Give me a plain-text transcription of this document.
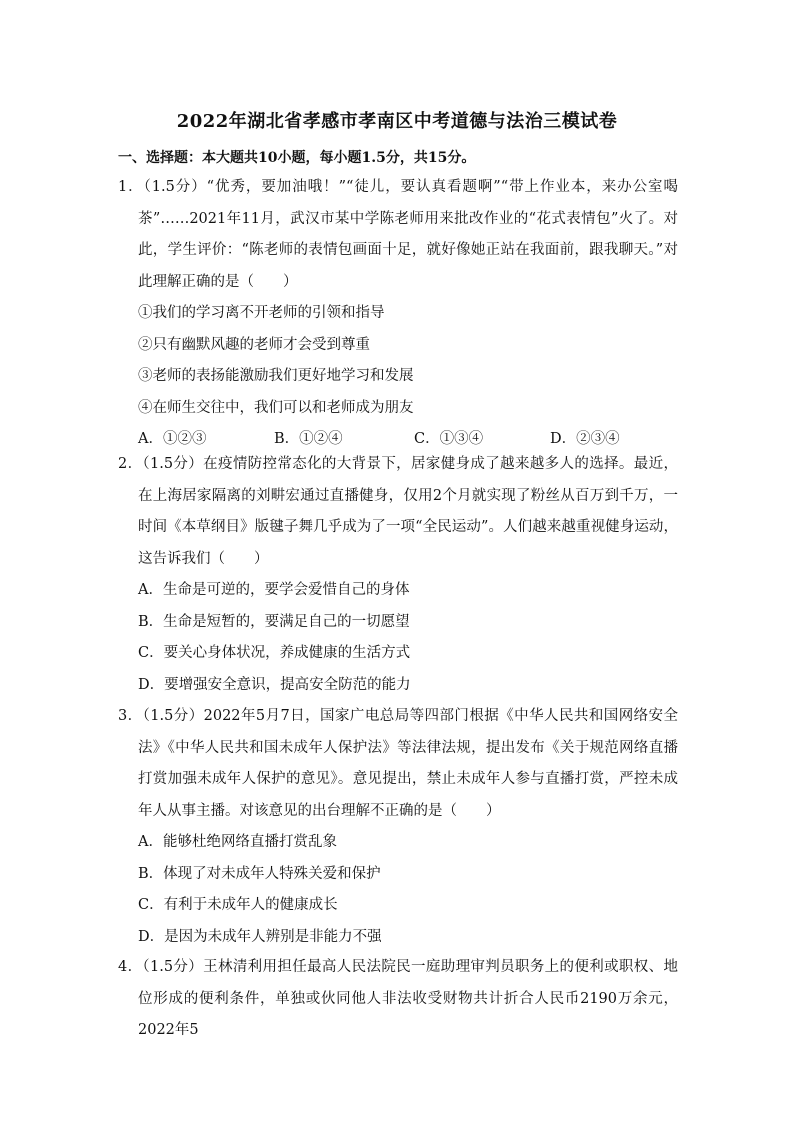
2022年湖北省孝感市孝南区中考道德与法治三模试卷
一、选择题：本大题共10小题，每小题1.5分，共15分。
1．（1.5分）“优秀，要加油哦！”“徒儿，要认真看题啊”“带上作业本，来办公室喝茶”……2021年11月，武汉市某中学陈老师用来批改作业的“花式表情包”火了。对此，学生评价：“陈老师的表情包画面十足，就好像她正站在我面前，跟我聊天。”对此理解正确的是（　　）
①我们的学习离不开老师的引领和指导
②只有幽默风趣的老师才会受到尊重
③老师的表扬能激励我们更好地学习和发展
④在师生交往中，我们可以和老师成为朋友
A．①②③	B．①②④	C．①③④	D．②③④
2．（1.5分）在疫情防控常态化的大背景下，居家健身成了越来越多人的选择。最近，在上海居家隔离的刘畊宏通过直播健身，仅用2个月就实现了粉丝从百万到千万，一时间《本草纲目》版毽子舞几乎成为了一项“全民运动”。人们越来越重视健身运动，这告诉我们（　　）
A．生命是可逆的，要学会爱惜自己的身体
B．生命是短暂的，要满足自己的一切愿望
C．要关心身体状况，养成健康的生活方式
D．要增强安全意识，提高安全防范的能力
3．（1.5分）2022年5月7日，国家广电总局等四部门根据《中华人民共和国网络安全法》《中华人民共和国未成年人保护法》等法律法规，提出发布《关于规范网络直播打赏加强未成年人保护的意见》。意见提出，禁止未成年人参与直播打赏，严控未成年人从事主播。对该意见的出台理解不正确的是（　　）
A．能够杜绝网络直播打赏乱象
B．体现了对未成年人特殊关爱和保护
C．有利于未成年人的健康成长
D．是因为未成年人辨别是非能力不强
4．（1.5分）王林清利用担任最高人民法院民一庭助理审判员职务上的便利或职权、地位形成的便利条件，单独或伙同他人非法收受财物共计折合人民币2190万余元，2022年5
